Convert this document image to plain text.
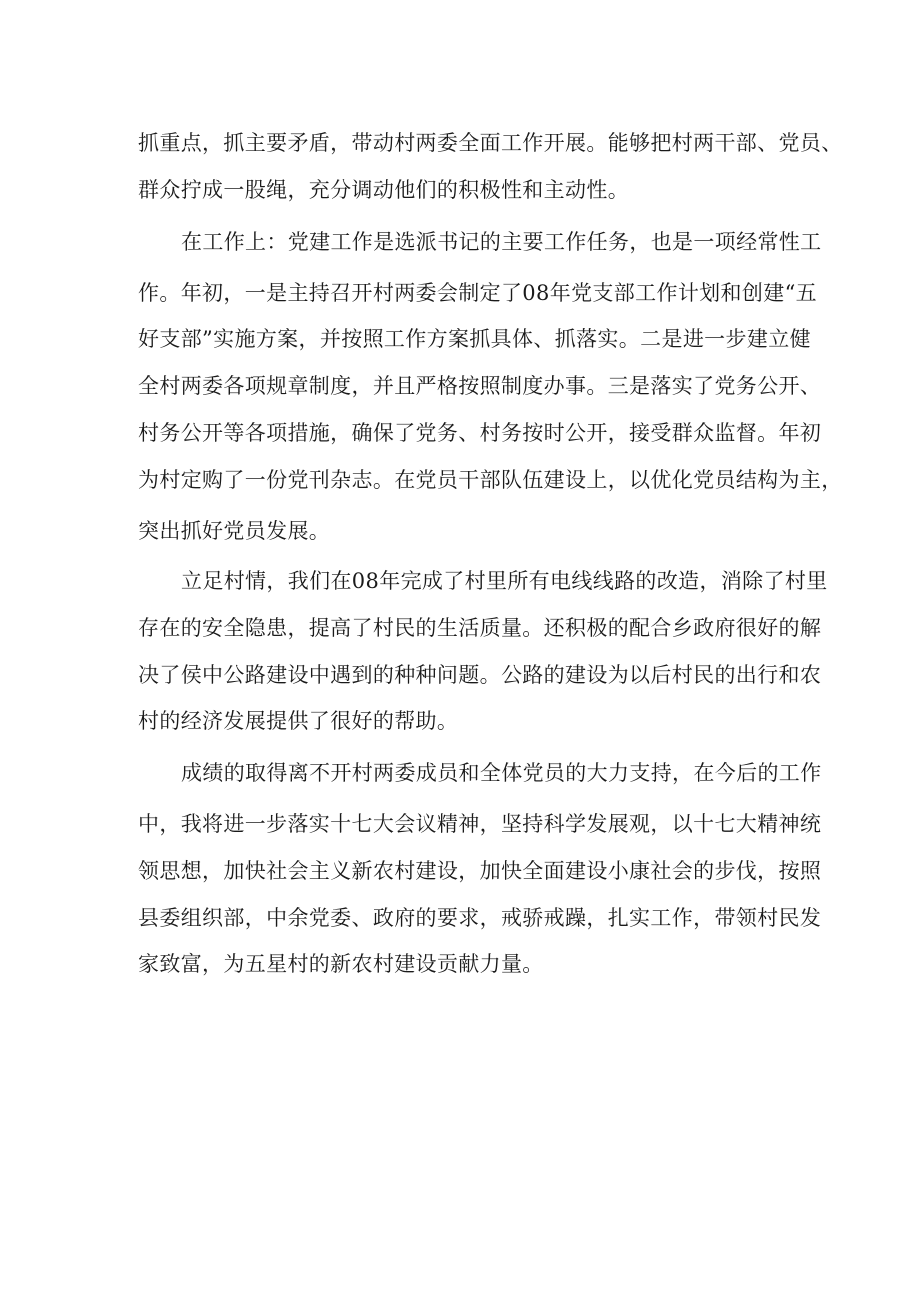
抓重点，抓主要矛盾，带动村两委全面工作开展。能够把村两干部、党员、
群众拧成一股绳，充分调动他们的积极性和主动性。
在工作上：党建工作是选派书记的主要工作任务，也是一项经常性工
作。年初，一是主持召开村两委会制定了08年党支部工作计划和创建“五
好支部”实施方案，并按照工作方案抓具体、抓落实。二是进一步建立健
全村两委各项规章制度，并且严格按照制度办事。三是落实了党务公开、
村务公开等各项措施，确保了党务、村务按时公开，接受群众监督。年初
为村定购了一份党刊杂志。在党员干部队伍建设上，以优化党员结构为主，
突出抓好党员发展。
立足村情，我们在08年完成了村里所有电线线路的改造，消除了村里
存在的安全隐患，提高了村民的生活质量。还积极的配合乡政府很好的解
决了侯中公路建设中遇到的种种问题。公路的建设为以后村民的出行和农
村的经济发展提供了很好的帮助。
成绩的取得离不开村两委成员和全体党员的大力支持，在今后的工作
中，我将进一步落实十七大会议精神，坚持科学发展观，以十七大精神统
领思想，加快社会主义新农村建设，加快全面建设小康社会的步伐，按照
县委组织部，中余党委、政府的要求，戒骄戒躁，扎实工作，带领村民发
家致富，为五星村的新农村建设贡献力量。
